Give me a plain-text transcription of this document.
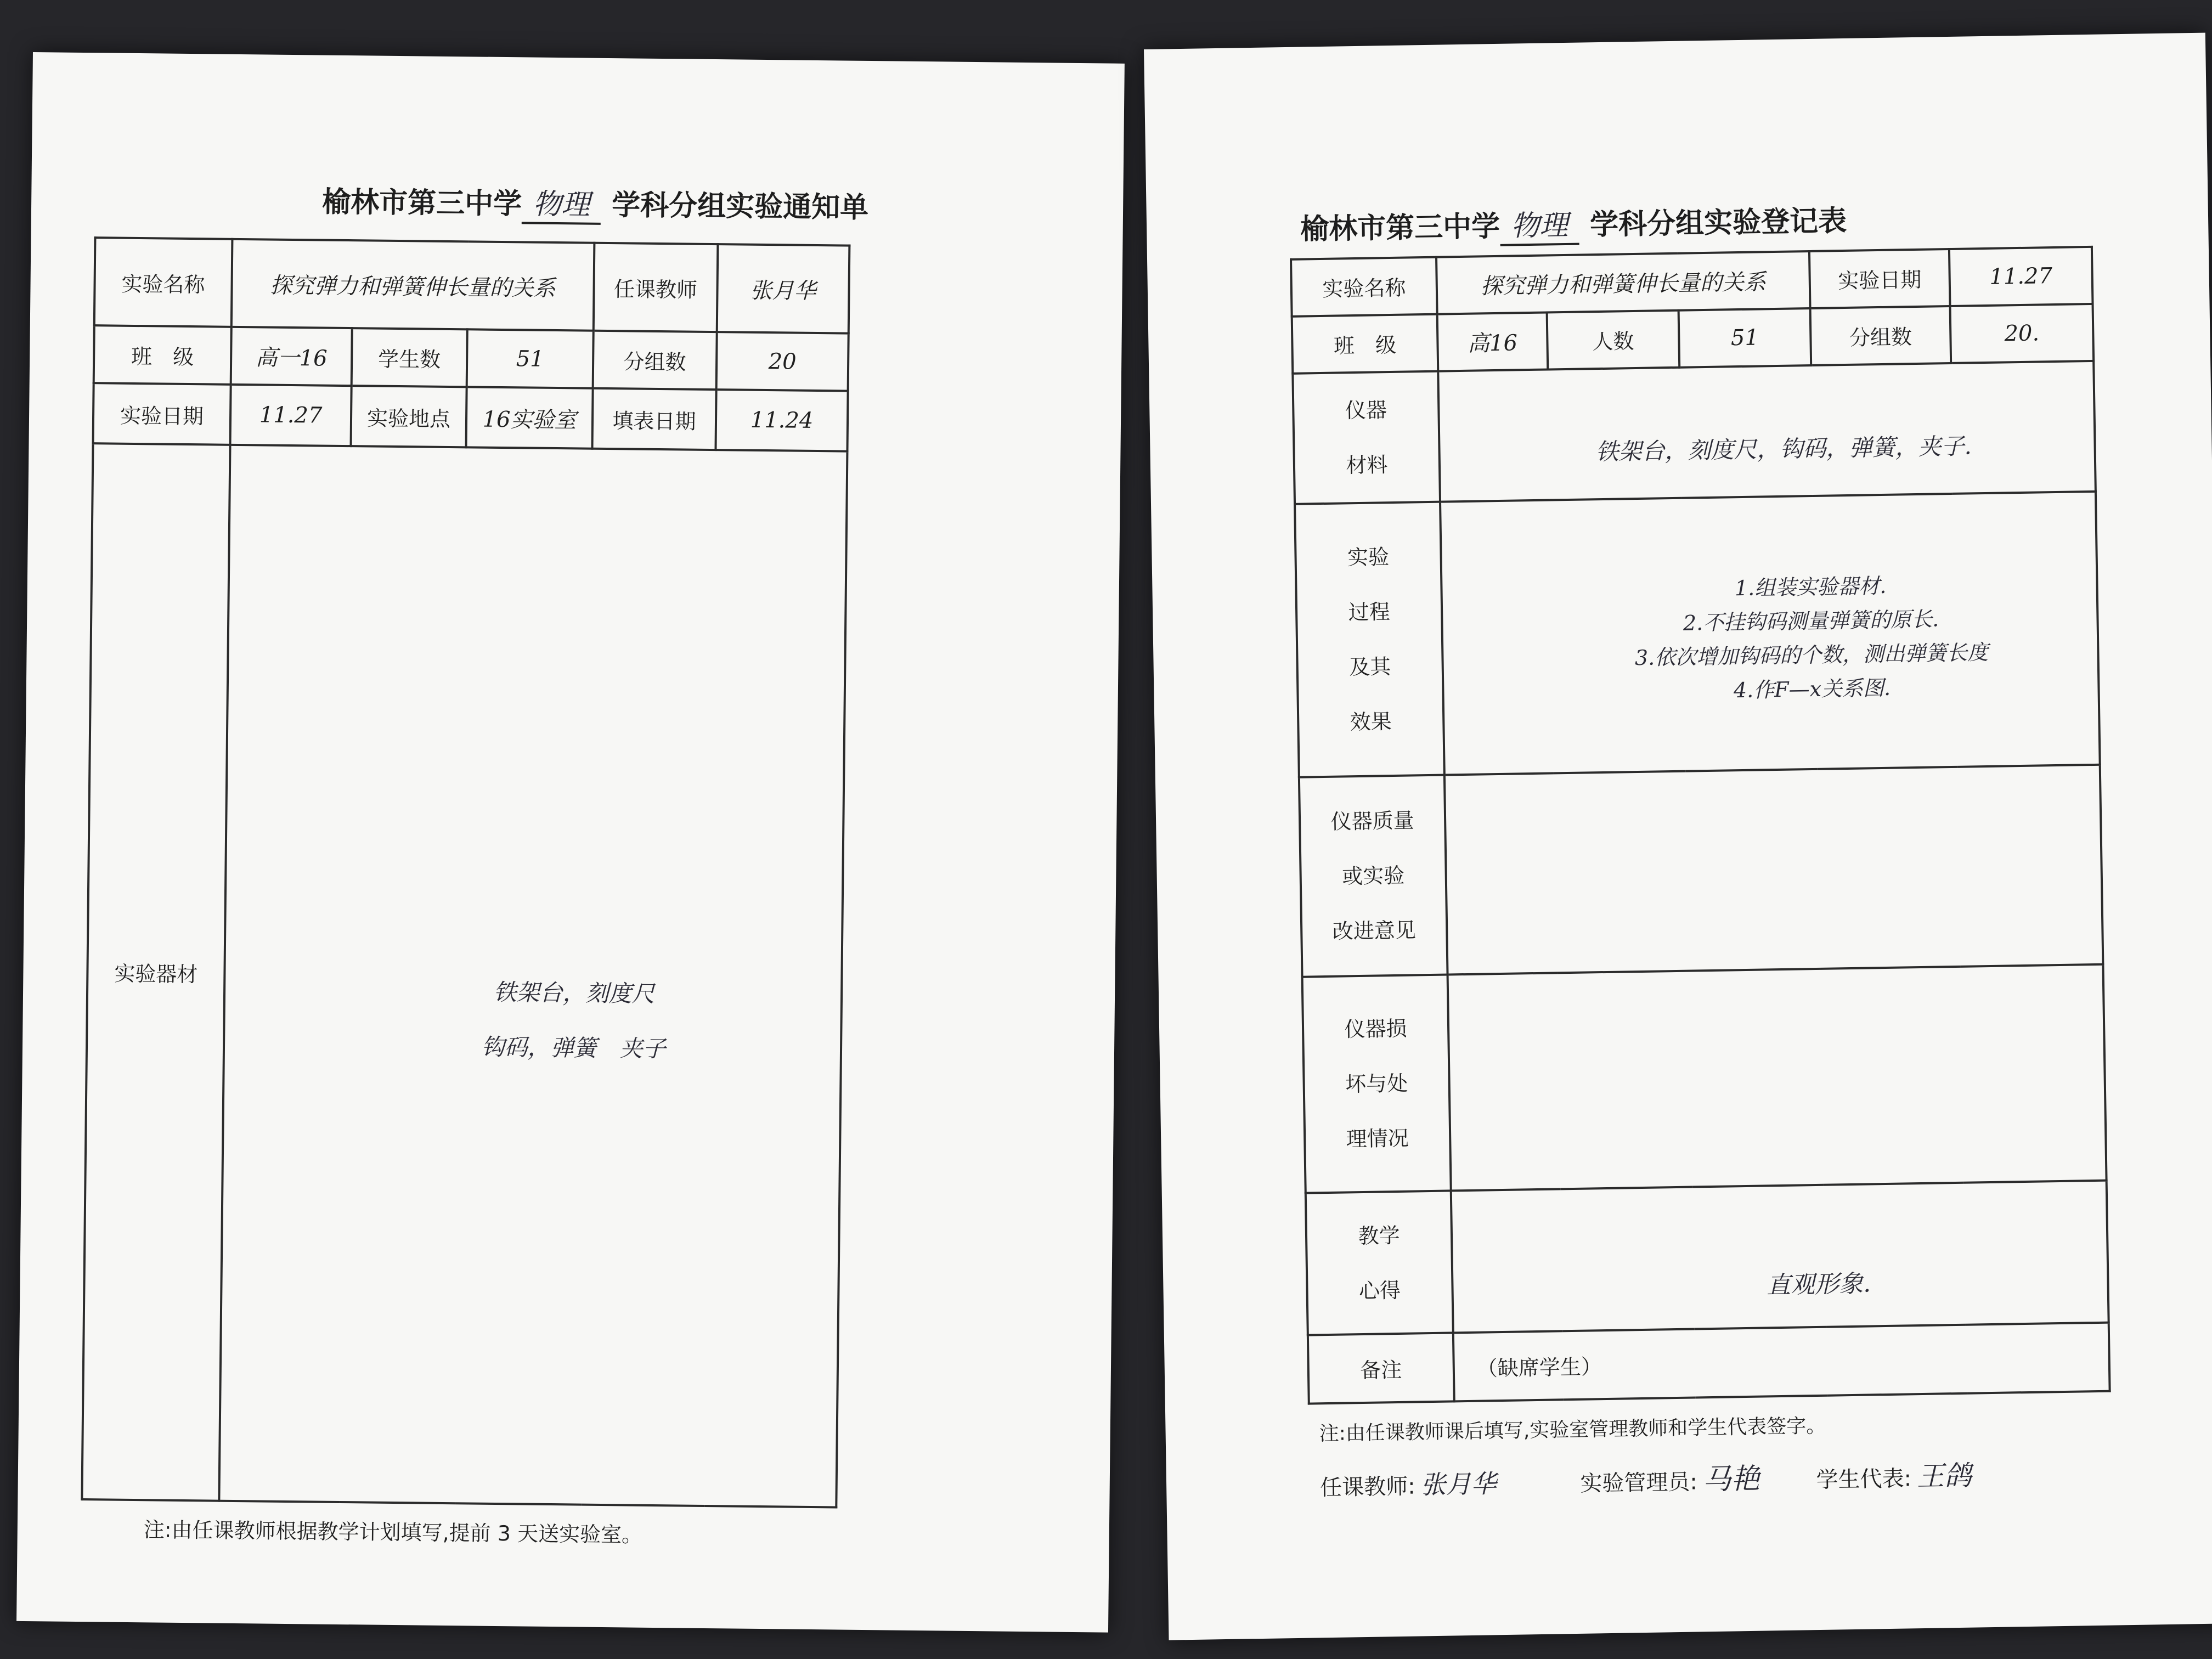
榆林市第三中学 物理 学科分组实验通知单
实验名称	探究弹力和弹簧伸长量的关系			任课教师	张月华
班　级	高一16	学生数	51	分组数	20
实验日期	11.27	实验地点	16实验室	填表日期	11.24
实验器材	铁架台，刻度尺
钩码，弹簧　夹子				
注:由任课教师根据教学计划填写,提前 3 天送实验室。
榆林市第三中学 物理 学科分组实验登记表
实验名称	探究弹力和弹簧伸长量的关系			实验日期	11.27
班　级	高16	人数	51	分组数	20.

仪器
材料	铁架台，刻度尺，钩码，弹簧，夹子.				

实验
过程
及其
效果	1.组装实验器材.
2.不挂钩码测量弹簧的原长.
3.依次增加钩码的个数，测出弹簧长度
4.作F—x关系图.				

仪器质量
或实验
改进意见					

仪器损
坏与处
理情况					

教学
心得	直观形象.				

备注	（缺席学生）				
注:由任课教师课后填写,实验室管理教师和学生代表签字。
任课教师: 张月华	实验管理员: 马艳	学生代表: 王鸽
